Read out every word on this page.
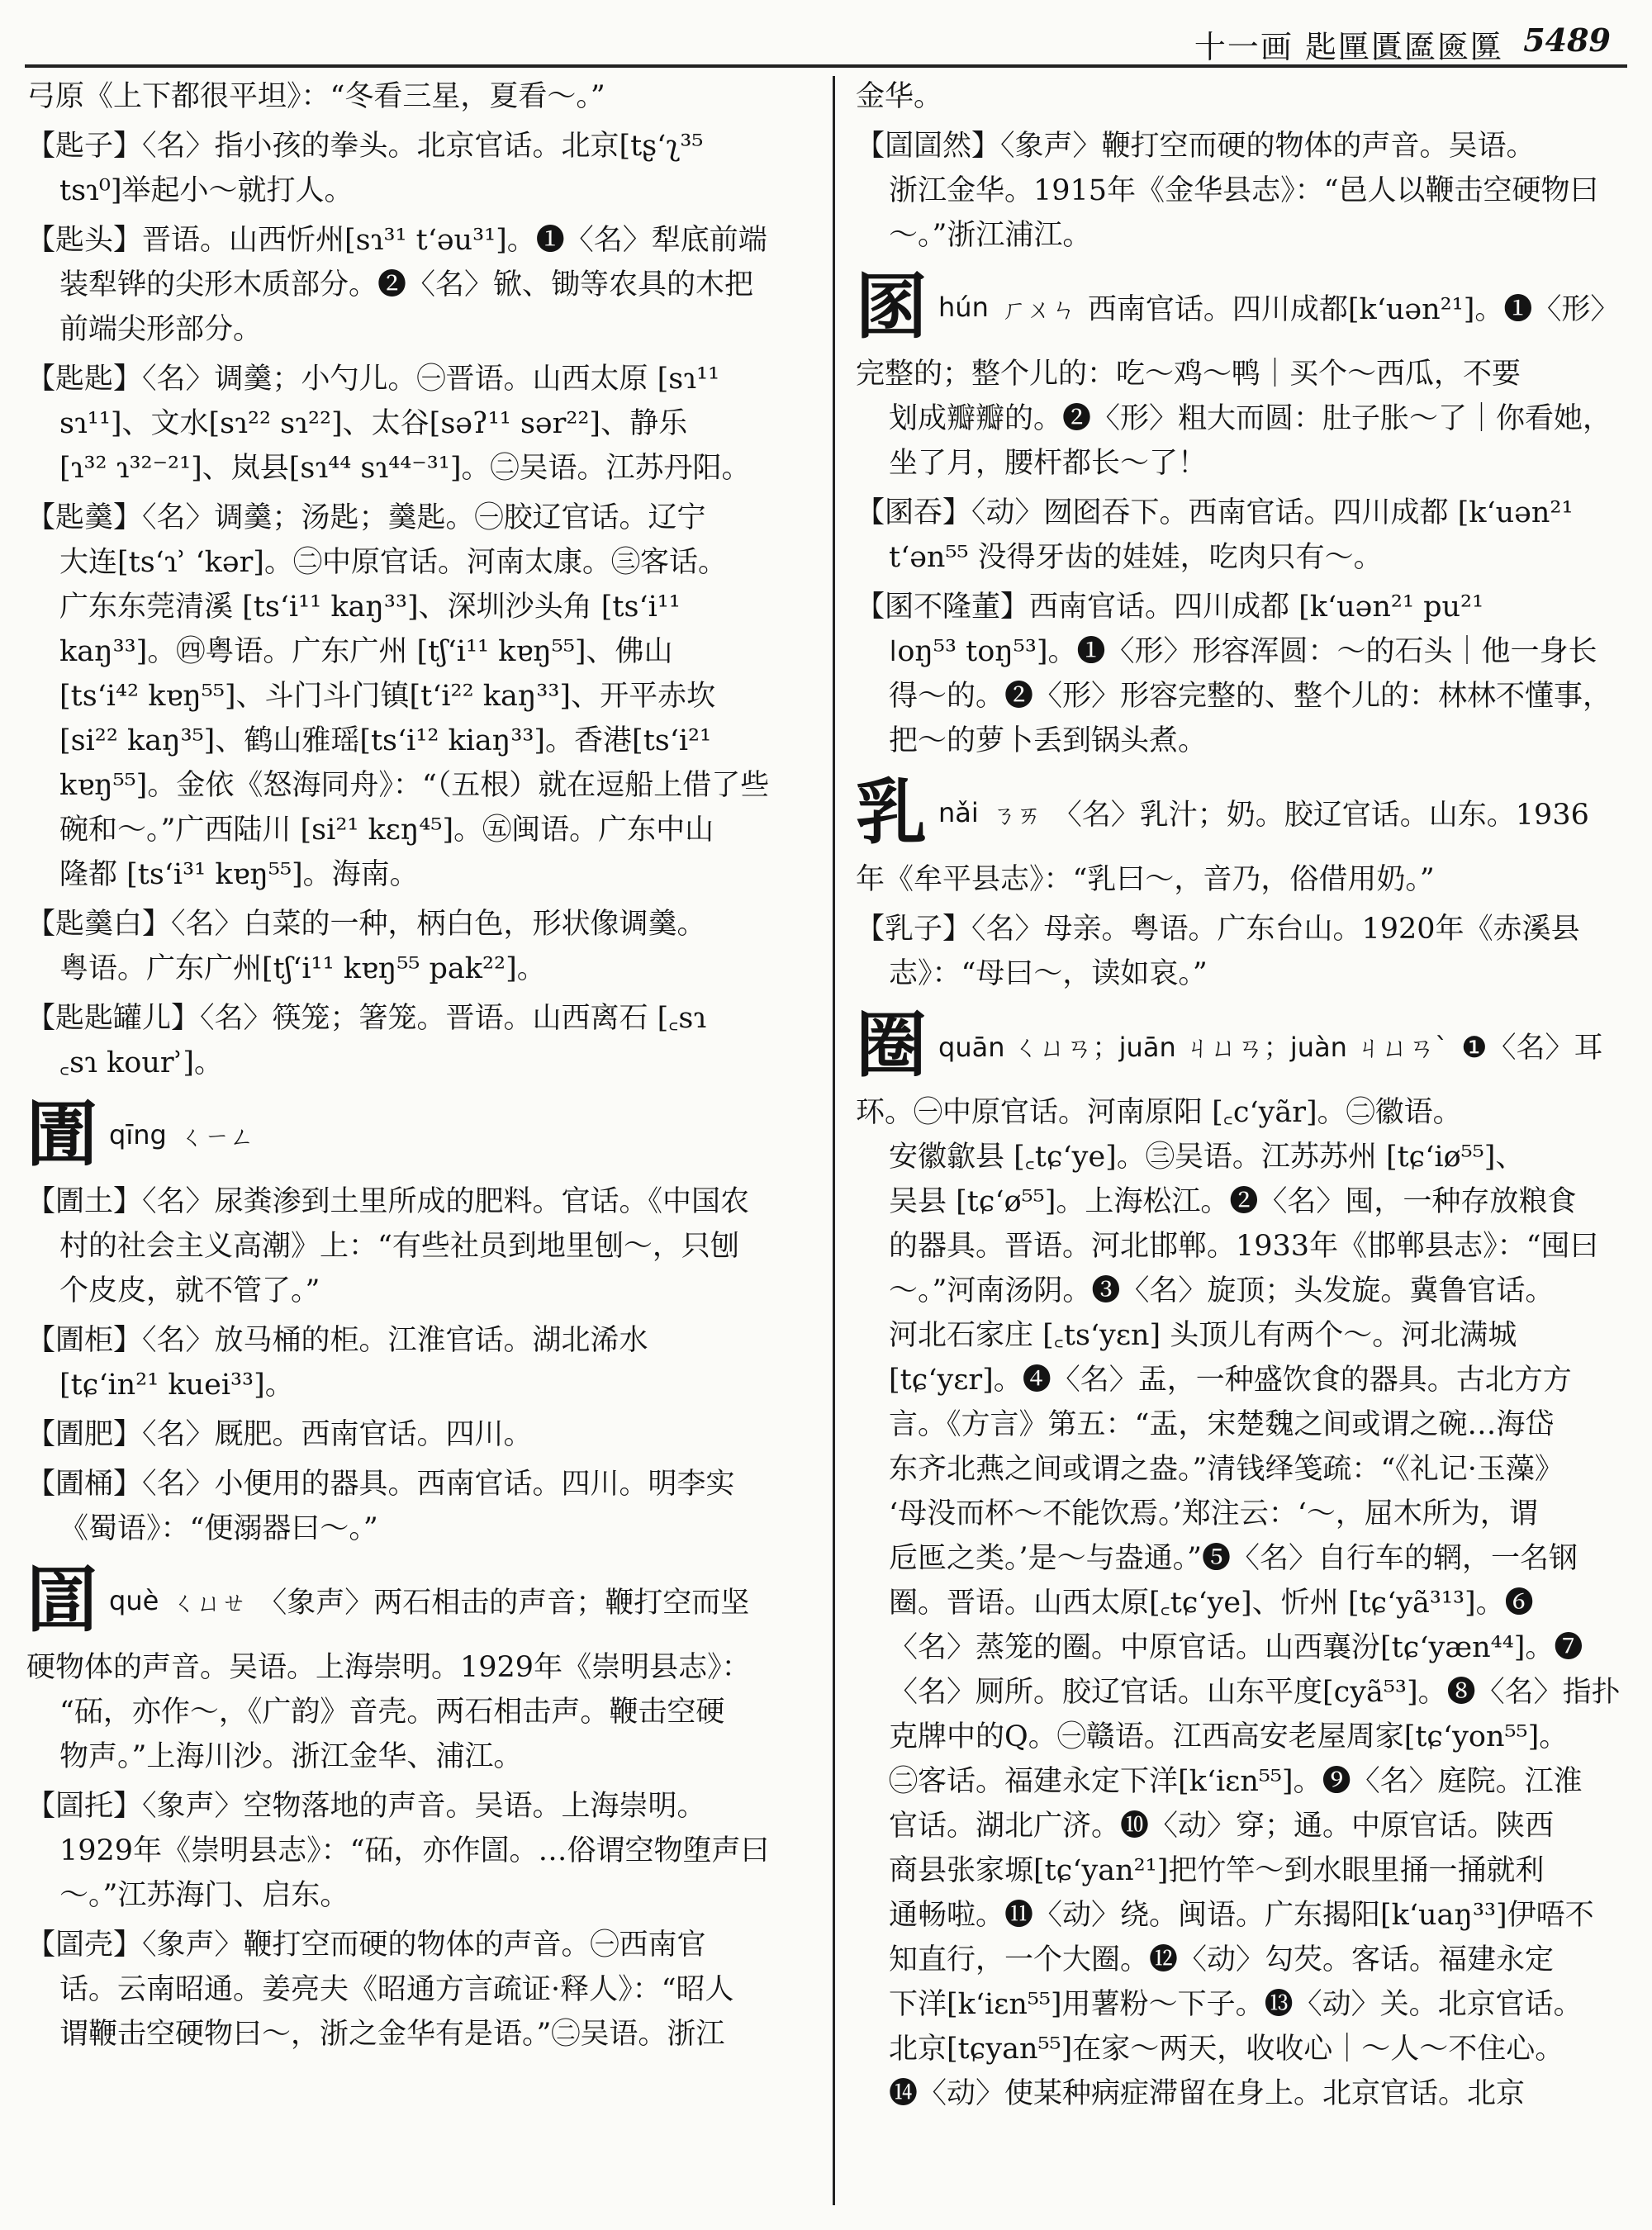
十一画 匙匰匱匲匳匴 5489
弓原《上下都很平坦》：“冬看三星，夏看～。”
【匙子】〈名〉指小孩的拳头。北京官话。北京[tʂʻʅ³⁵
tsɿ⁰]举起小～就打人。
【匙头】晋语。山西忻州[sɿ³¹ tʻəu³¹]。❶〈名〉犁底前端
装犁铧的尖形木质部分。❷〈名〉锨、锄等农具的木把
前端尖形部分。
【匙匙】〈名〉调羹；小勺儿。㊀晋语。山西太原 [sɿ¹¹
sɿ¹¹]、文水[sɿ²² sɿ²²]、太谷[səʔ¹¹ sər²²]、静乐
[ɿ³² ɿ³²⁻²¹]、岚县[sɿ⁴⁴ sɿ⁴⁴⁻³¹]。㊁吴语。江苏丹阳。
【匙羹】〈名〉调羹；汤匙；羹匙。㊀胶辽官话。辽宁
大连[tsʻɿʾ ʻkər]。㊁中原官话。河南太康。㊂客话。
广东东莞清溪 [tsʻi¹¹ kaŋ³³]、深圳沙头角 [tsʻi¹¹
kaŋ³³]。㊃粤语。广东广州 [tʃʻi¹¹ kɐŋ⁵⁵]、佛山
[tsʻi⁴² kɐŋ⁵⁵]、斗门斗门镇[tʻi²² kaŋ³³]、开平赤坎
[si²² kaŋ³⁵]、鹤山雅瑶[tsʻi¹² kiaŋ³³]。香港[tsʻi²¹
kɐŋ⁵⁵]。金依《怒海同舟》：“（五根）就在逗船上借了些
碗和～。”广西陆川 [si²¹ kɛŋ⁴⁵]。㊄闽语。广东中山
隆都 [tsʻi³¹ kɐŋ⁵⁵]。海南。
【匙羹白】〈名〉白菜的一种，柄白色，形状像调羹。
粤语。广东广州[tʃʻi¹¹ kɐŋ⁵⁵ pak²²]。
【匙匙罐儿】〈名〉筷笼；箸笼。晋语。山西离石 [꜀sɿ
꜀sɿ kourʾ]。
圊qīng ㄑㄧㄥ
【圊土】〈名〉尿粪渗到土里所成的肥料。官话。《中国农
村的社会主义高潮》上：“有些社员到地里刨～，只刨
个皮皮，就不管了。”
【圊柜】〈名〉放马桶的柜。江淮官话。湖北浠水
[tɕʻin²¹ kuei³³]。
【圊肥】〈名〉厩肥。西南官话。四川。
【圊桶】〈名〉小便用的器具。西南官话。四川。明李实
《蜀语》：“便溺器曰～。”
圁què ㄑㄩㄝ 〈象声〉两石相击的声音；鞭打空而坚
硬物体的声音。吴语。上海崇明。1929年《崇明县志》：
“砳，亦作～，《广韵》音壳。两石相击声。鞭击空硬
物声。”上海川沙。浙江金华、浦江。
【圁托】〈象声〉空物落地的声音。吴语。上海崇明。
1929年《崇明县志》：“砳，亦作圁。…俗谓空物堕声曰
～。”江苏海门、启东。
【圁壳】〈象声〉鞭打空而硬的物体的声音。㊀西南官
话。云南昭通。姜亮夫《昭通方言疏证·释人》：“昭人
谓鞭击空硬物曰～，浙之金华有是语。”㊁吴语。浙江
金华。
【圁圁然】〈象声〉鞭打空而硬的物体的声音。吴语。
浙江金华。1915年《金华县志》：“邑人以鞭击空硬物曰
～。”浙江浦江。
圂hún ㄏㄨㄣ 西南官话。四川成都[kʻuən²¹]。❶〈形〉
完整的；整个儿的：吃～鸡～鸭｜买个～西瓜，不要
划成瓣瓣的。❷〈形〉粗大而圆：肚子胀～了｜你看她，
坐了月，腰杆都长～了！
【圂吞】〈动〉囫囵吞下。西南官话。四川成都 [kʻuən²¹
tʻən⁵⁵ 没得牙齿的娃娃，吃肉只有～。
【圂不隆董】西南官话。四川成都 [kʻuən²¹ pu²¹
ǀoŋ⁵³ toŋ⁵³]。❶〈形〉形容浑圆：～的石头｜他一身长
得～的。❷〈形〉形容完整的、整个儿的：林林不懂事，
把～的萝卜丢到锅头煮。
乳nǎi ㄋㄞ 〈名〉乳汁；奶。胶辽官话。山东。1936
年《牟平县志》：“乳曰～，音乃，俗借用奶。”
【乳子】〈名〉母亲。粤语。广东台山。1920年《赤溪县
志》：“母曰～，读如哀。”
圈quān ㄑㄩㄢ；juān ㄐㄩㄢ；juàn ㄐㄩㄢˋ ❶〈名〉耳
环。㊀中原官话。河南原阳 [꜀cʻyãr]。㊁徽语。
安徽歙县 [꜀tɕʻye]。㊂吴语。江苏苏州 [tɕʻiø⁵⁵]、
吴县 [tɕʻø⁵⁵]。上海松江。❷〈名〉囤，一种存放粮食
的器具。晋语。河北邯郸。1933年《邯郸县志》：“囤曰
～。”河南汤阴。❸〈名〉旋顶；头发旋。冀鲁官话。
河北石家庄 [꜀tsʻyɛn] 头顶儿有两个～。河北满城
[tɕʻyɛr]。❹〈名〉盂，一种盛饮食的器具。古北方方
言。《方言》第五：“盂，宋楚魏之间或谓之碗…海岱
东齐北燕之间或谓之盎。”清钱绎笺疏：“《礼记·玉藻》
‘母没而杯～不能饮焉。’郑注云：‘～，屈木所为，谓
卮匜之类。’是～与盎通。”❺〈名〉自行车的辋，一名钢
圈。晋语。山西太原[꜀tɕʻye]、忻州 [tɕʻyã³¹³]。❻
〈名〉蒸笼的圈。中原官话。山西襄汾[tɕʻyæn⁴⁴]。❼
〈名〉厕所。胶辽官话。山东平度[cyã⁵³]。❽〈名〉指扑
克牌中的Q。㊀赣语。江西高安老屋周家[tɕʻyon⁵⁵]。
㊁客话。福建永定下洋[kʻiɛn⁵⁵]。❾〈名〉庭院。江淮
官话。湖北广济。❿〈动〉穿；通。中原官话。陕西
商县张家塬[tɕʻyan²¹]把竹竿～到水眼里捅一捅就利
通畅啦。⓫〈动〉绕。闽语。广东揭阳[kʻuaŋ³³]伊唔不
知直行，一个大圈。⓬〈动〉勾芡。客话。福建永定
下洋[kʻiɛn⁵⁵]用薯粉～下子。⓭〈动〉关。北京官话。
北京[tɕyan⁵⁵]在家～两天，收收心｜～人～不住心。
⓮〈动〉使某种病症滞留在身上。北京官话。北京
